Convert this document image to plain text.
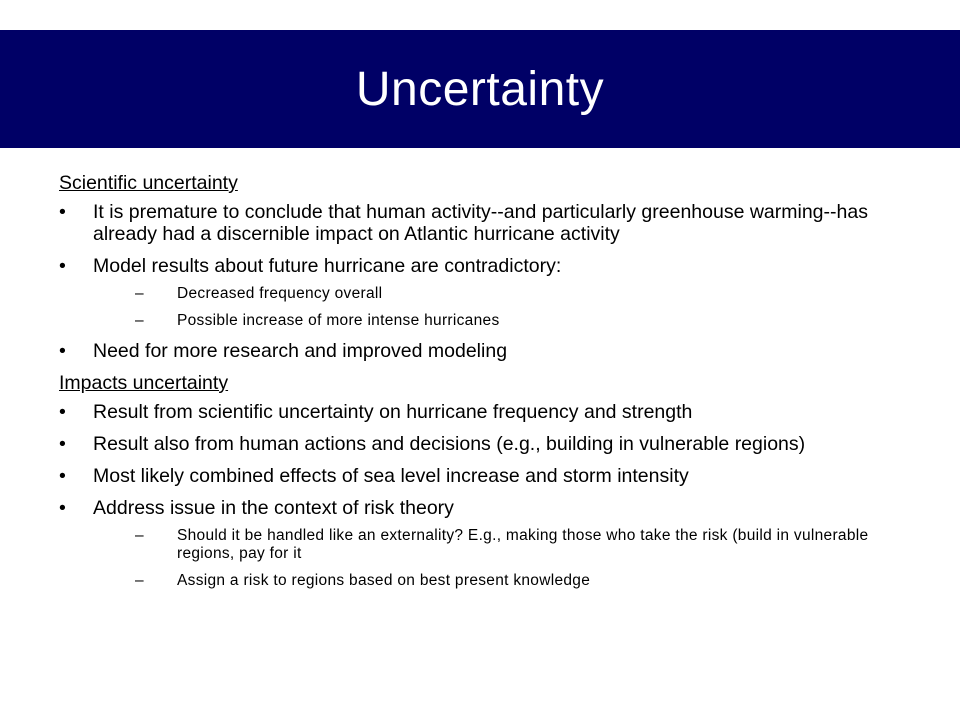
Uncertainty
Scientific uncertainty
•	It is premature to conclude that human activity--and particularly greenhouse warming--has already had a discernible impact on Atlantic hurricane activity
•	Model results about future hurricane are contradictory:
–	Decreased frequency overall
–	Possible increase of more intense hurricanes
•	Need for more research and improved modeling
Impacts uncertainty
•	Result from scientific uncertainty on hurricane frequency and strength
•	Result also from human actions and decisions (e.g., building in vulnerable regions)
•	Most likely combined effects of sea level increase and storm intensity
•	Address issue in the context of risk theory
–	Should it be handled like an externality? E.g., making those who take the risk (build in vulnerable regions, pay for it
–	Assign a risk to regions based on best present knowledge
